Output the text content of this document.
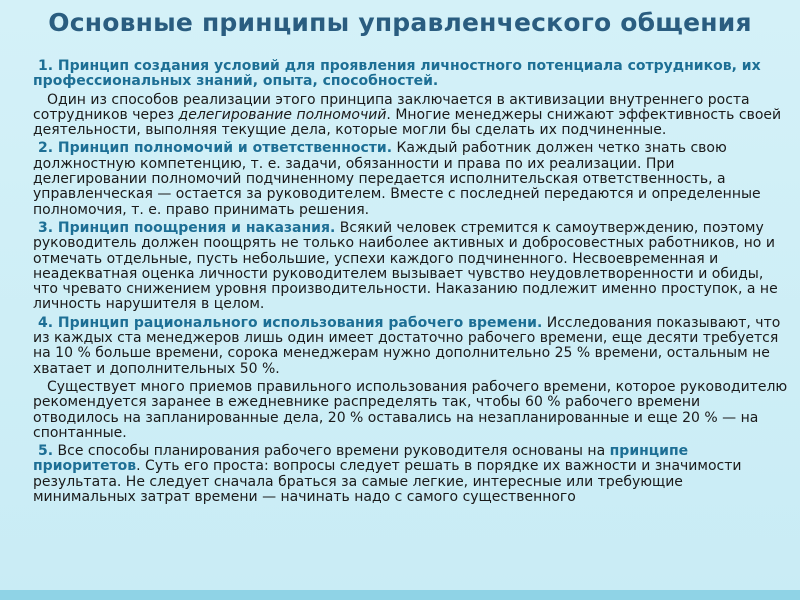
Основные принципы управленческого общения

1. Принцип создания условий для проявления личностного потенциала сотрудников, их профессиональных знаний, опыта, способностей.

Один из способов реализации этого принципа заключается в активизации внутреннего роста сотрудников через делегирование полномочий. Многие менеджеры снижают эффективность своей деятельности, выполняя текущие дела, которые могли бы сделать их подчиненные.

2. Принцип полномочий и ответственности. Каждый работник должен четко знать свою должностную компетенцию, т. е. задачи, обязанности и права по их реализации. При делегировании полномочий подчиненному передается исполнительская ответственность, а управленческая — остается за руководителем. Вместе с последней передаются и определенные полномочия, т. е. право принимать решения.

3. Принцип поощрения и наказания. Всякий человек стремится к самоутверждению, поэтому руководитель должен поощрять не только наиболее активных и добросовестных работников, но и отмечать отдельные, пусть небольшие, успехи каждого подчиненного. Несвоевременная и неадекватная оценка личности руководителем вызывает чувство неудовлетворенности и обиды, что чревато снижением уровня производительности. Наказанию подлежит именно проступок, а не личность нарушителя в целом.

4. Принцип рационального использования рабочего времени. Исследования показывают, что из каждых ста менеджеров лишь один имеет достаточно рабочего времени, еще десяти требуется на 10 % больше времени, сорока менеджерам нужно дополнительно 25 % времени, остальным не хватает и дополнительных 50 %.

Существует много приемов правильного использования рабочего времени, которое руководителю рекомендуется заранее в ежедневнике распределять так, чтобы 60 % рабочего времени отводилось на запланированные дела, 20 % оставались на незапланированные и еще 20 % — на спонтанные.

5. Все способы планирования рабочего времени руководителя основаны на принципе приоритетов. Суть его проста: вопросы следует решать в порядке их важности и значимости результата. Не следует сначала браться за самые легкие, интересные или требующие минимальных затрат времени — начинать надо с самого существенного
